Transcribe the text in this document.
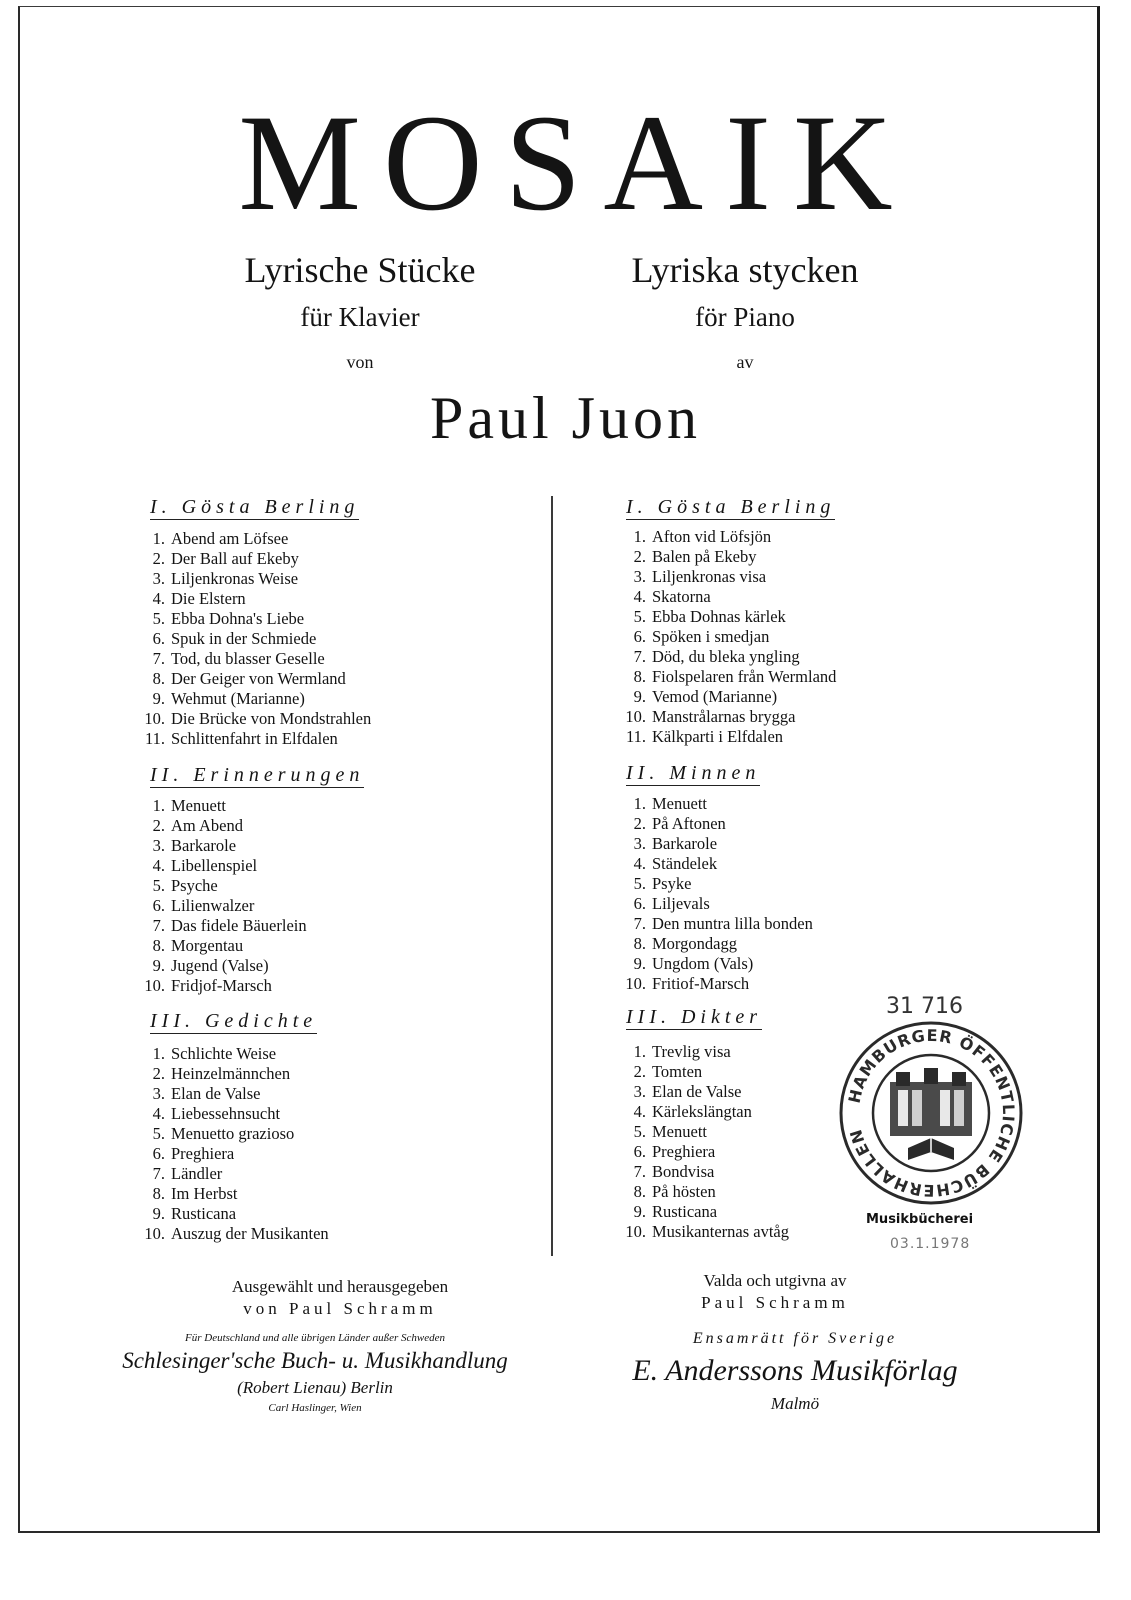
MOSAIK
Lyrische Stücke
für Klavier
von
Lyriska stycken
för Piano
av
Paul Juon
I. Gösta Berling
1. Abend am Löfsee
2. Der Ball auf Ekeby
3. Liljenkronas Weise
4. Die Elstern
5. Ebba Dohna's Liebe
6. Spuk in der Schmiede
7. Tod, du blasser Geselle
8. Der Geiger von Wermland
9. Wehmut (Marianne)
10. Die Brücke von Mondstrahlen
11. Schlittenfahrt in Elfdalen
II. Erinnerungen
1. Menuett
2. Am Abend
3. Barkarole
4. Libellenspiel
5. Psyche
6. Lilienwalzer
7. Das fidele Bäuerlein
8. Morgentau
9. Jugend (Valse)
10. Fridjof-Marsch
III. Gedichte
1. Schlichte Weise
2. Heinzelmännchen
3. Elan de Valse
4. Liebessehnsucht
5. Menuetto grazioso
6. Preghiera
7. Ländler
8. Im Herbst
9. Rusticana
10. Auszug der Musikanten
I. Gösta Berling
1. Afton vid Löfsjön
2. Balen på Ekeby
3. Liljenkronas visa
4. Skatorna
5. Ebba Dohnas kärlek
6. Spöken i smedjan
7. Död, du bleka yngling
8. Fiolspelaren från Wermland
9. Vemod (Marianne)
10. Manstrålarnas brygga
11. Kälkparti i Elfdalen
II. Minnen
1. Menuett
2. På Aftonen
3. Barkarole
4. Ständelek
5. Psyke
6. Liljevals
7. Den muntra lilla bonden
8. Morgondagg
9. Ungdom (Vals)
10. Fritiof-Marsch
III. Dikter
1. Trevlig visa
2. Tomten
3. Elan de Valse
4. Kärlekslängtan
5. Menuett
6. Preghiera
7. Bondvisa
8. På hösten
9. Rusticana
10. Musikanternas avtåg
31 716
HAMBURGER ÖFFENTLICHE BÜCHERHALLEN
Musikbücherei
03.1.1978
Ausgewählt und herausgegeben
von Paul Schramm
Valda och utgivna av
Paul Schramm
Für Deutschland und alle übrigen Länder außer Schweden
Schlesinger'sche Buch- u. Musikhandlung
(Robert Lienau) Berlin
Carl Haslinger, Wien
Ensamrätt för Sverige
E. Anderssons Musikförlag
Malmö
